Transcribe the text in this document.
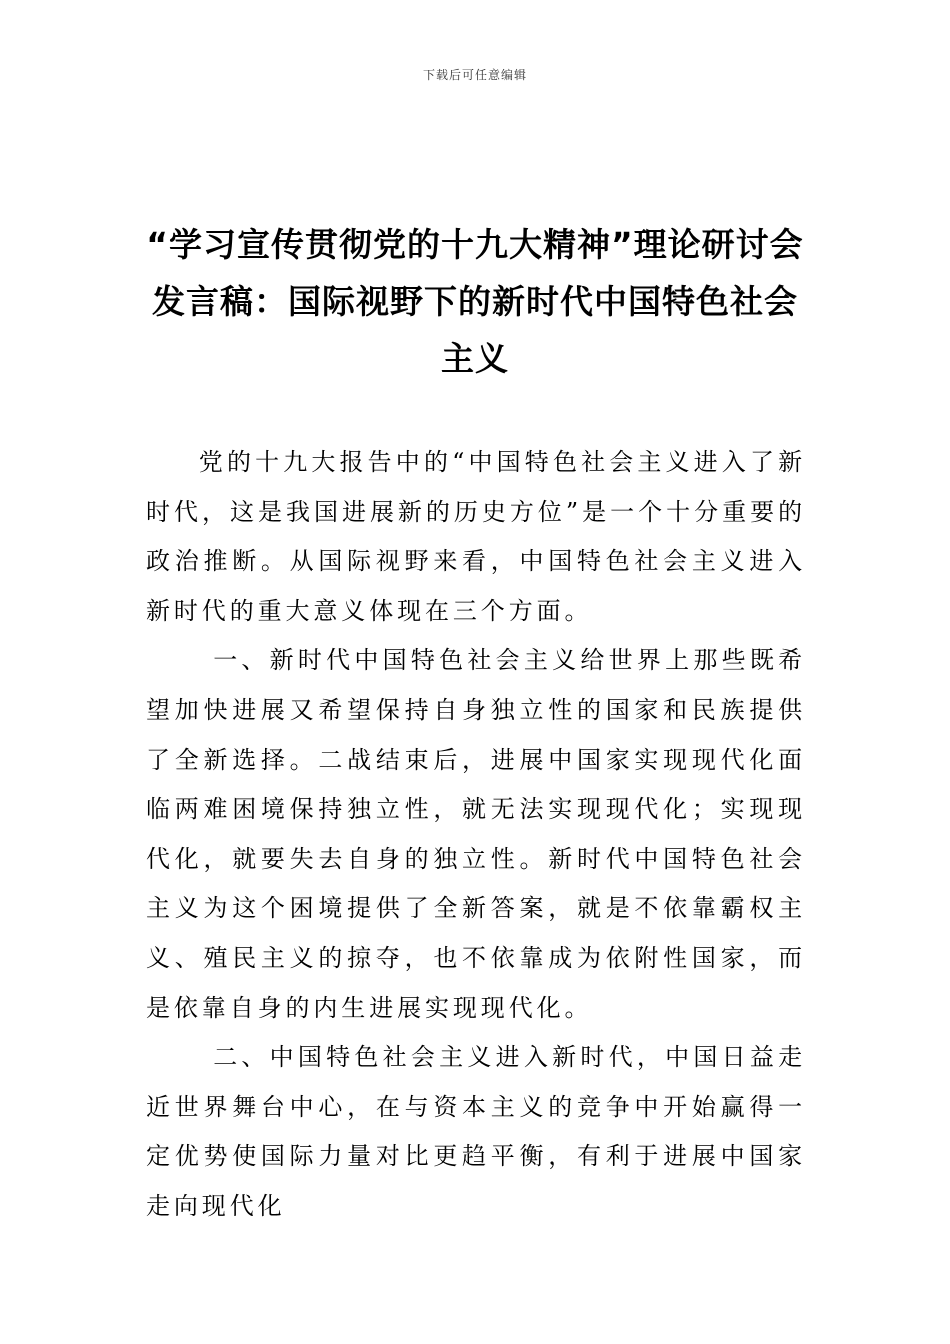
下载后可任意编辑
“学习宣传贯彻党的十九大精神”理论研讨会发言稿：国际视野下的新时代中国特色社会主义

党的十九大报告中的“中国特色社会主义进入了新时代，这是我国进展新的历史方位”是一个十分重要的政治推断。从国际视野来看，中国特色社会主义进入新时代的重大意义体现在三个方面。

一、新时代中国特色社会主义给世界上那些既希望加快进展又希望保持自身独立性的国家和民族提供了全新选择。二战结束后，进展中国家实现现代化面临两难困境保持独立性，就无法实现现代化；实现现代化，就要失去自身的独立性。新时代中国特色社会主义为这个困境提供了全新答案，就是不依靠霸权主义、殖民主义的掠夺，也不依靠成为依附性国家，而是依靠自身的内生进展实现现代化。

二、中国特色社会主义进入新时代，中国日益走近世界舞台中心，在与资本主义的竞争中开始赢得一定优势使国际力量对比更趋平衡，有利于进展中国家走向现代化
